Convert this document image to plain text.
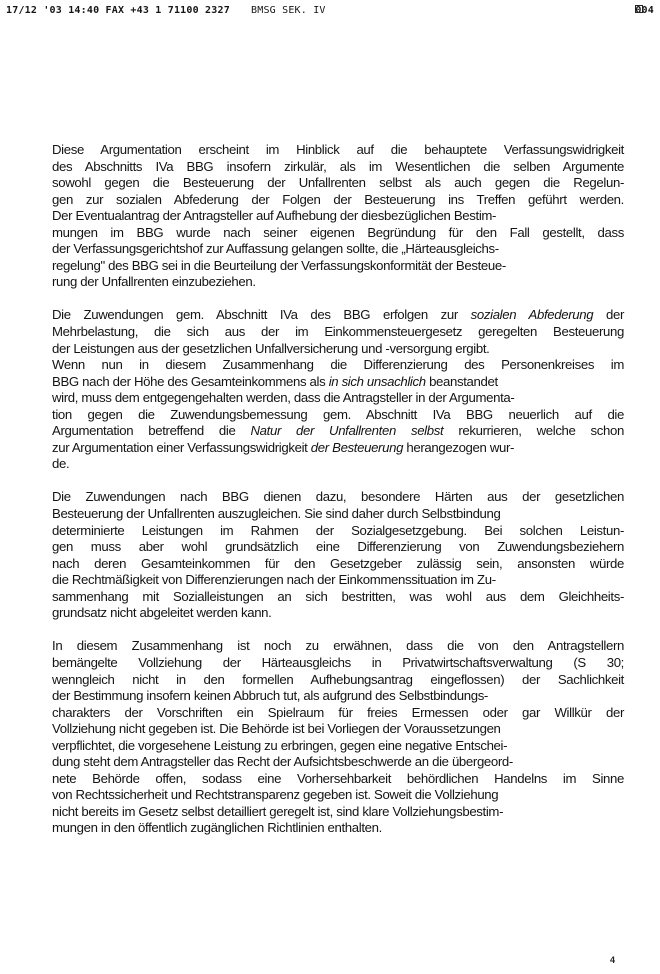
17/12 '03 14:40 FAX +43 1 71100 2327 BMSG SEK. IV	004
Diese Argumentation erscheint im Hinblick auf die behauptete Verfassungswidrigkeit
des Abschnitts IVa BBG insofern zirkulär, als im Wesentlichen die selben Argumente
sowohl gegen die Besteuerung der Unfallrenten selbst als auch gegen die Regelun-
gen zur sozialen Abfederung der Folgen der Besteuerung ins Treffen geführt werden.
Der Eventualantrag der Antragsteller auf Aufhebung der diesbezüglichen Bestim-
mungen im BBG wurde nach seiner eigenen Begründung für den Fall gestellt, dass
der Verfassungsgerichtshof zur Auffassung gelangen sollte, die „Härteausgleichs-
regelung" des BBG sei in die Beurteilung der Verfassungskonformität der Besteue-
rung der Unfallrenten einzubeziehen.
Die Zuwendungen gem. Abschnitt IVa des BBG erfolgen zur sozialen Abfederung der
Mehrbelastung, die sich aus der im Einkommensteuergesetz geregelten Besteuerung
der Leistungen aus der gesetzlichen Unfallversicherung und -versorgung ergibt.
Wenn nun in diesem Zusammenhang die Differenzierung des Personenkreises im
BBG nach der Höhe des Gesamteinkommens als in sich unsachlich beanstandet
wird, muss dem entgegengehalten werden, dass die Antragsteller in der Argumenta-
tion gegen die Zuwendungsbemessung gem. Abschnitt IVa BBG neuerlich auf die
Argumentation betreffend die Natur der Unfallrenten selbst rekurrieren, welche schon
zur Argumentation einer Verfassungswidrigkeit der Besteuerung herangezogen wur-
de.
Die Zuwendungen nach BBG dienen dazu, besondere Härten aus der gesetzlichen
Besteuerung der Unfallrenten auszugleichen. Sie sind daher durch Selbstbindung
determinierte Leistungen im Rahmen der Sozialgesetzgebung. Bei solchen Leistun-
gen muss aber wohl grundsätzlich eine Differenzierung von Zuwendungsbeziehern
nach deren Gesamteinkommen für den Gesetzgeber zulässig sein, ansonsten würde
die Rechtmäßigkeit von Differenzierungen nach der Einkommenssituation im Zu-
sammenhang mit Sozialleistungen an sich bestritten, was wohl aus dem Gleichheits-
grundsatz nicht abgeleitet werden kann.
In diesem Zusammenhang ist noch zu erwähnen, dass die von den Antragstellern
bemängelte Vollziehung der Härteausgleichs in Privatwirtschaftsverwaltung (S 30;
wenngleich nicht in den formellen Aufhebungsantrag eingeflossen) der Sachlichkeit
der Bestimmung insofern keinen Abbruch tut, als aufgrund des Selbstbindungs-
charakters der Vorschriften ein Spielraum für freies Ermessen oder gar Willkür der
Vollziehung nicht gegeben ist. Die Behörde ist bei Vorliegen der Voraussetzungen
verpflichtet, die vorgesehene Leistung zu erbringen, gegen eine negative Entschei-
dung steht dem Antragsteller das Recht der Aufsichtsbeschwerde an die übergeord-
nete Behörde offen, sodass eine Vorhersehbarkeit behördlichen Handelns im Sinne
von Rechtssicherheit und Rechtstransparenz gegeben ist. Soweit die Vollziehung
nicht bereits im Gesetz selbst detailliert geregelt ist, sind klare Vollziehungsbestim-
mungen in den öffentlich zugänglichen Richtlinien enthalten.
4
